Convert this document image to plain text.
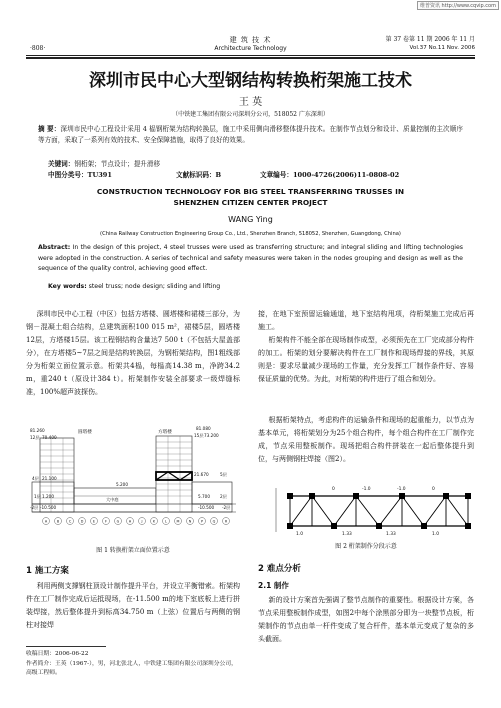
维普资讯 http://www.cqvip.com
·808·
建 筑 技 术
Architecture Technology
第 37 卷第 11 期 2006 年 11 月
Vol.37 No.11 Nov. 2006
深圳市民中心大型钢结构转换桁架施工技术
王 英
（中铁建工集团有限公司深圳分公司，518052 广东深圳）
摘 要：深圳市民中心工程设计采用 4 榀钢桁架为结构转换层，施工中采用侧向滑移整体提升技术。在制作节点划分和设计、质量控制的主次顺序等方面，采取了一系列有效的技术、安全保障措施，取得了良好的效果。
关键词：钢桁架；节点设计；提升滑移
中图分类号：TU391	文献标识码：B	文章编号：1000-4726(2006)11-0808-02
CONSTRUCTION TECHNOLOGY FOR BIG STEEL TRANSFERRING TRUSSES IN
SHENZHEN CITIZEN CENTER PROJECT
WANG Ying
(China Railway Construction Engineering Group Co., Ltd., Shenzhen Branch, 518052, Shenzhen, Guangdong, China)
Abstract: In the design of this project, 4 steel trusses were used as transferring structure; and integral sliding and lifting technologies were adopted in the construction. A series of technical and safety measures were taken in the nodes grouping and design as well as the sequence of the quality control, achieving good effect.
Key words: steel truss; node design; sliding and lifting
深圳市民中心工程（中区）包括方塔楼、圆塔楼和裙楼三部分，为钢－混凝土组合结构，总建筑面积100 015 m²，裙楼5层，圆塔楼12层，方塔楼15层。该工程钢结构含量达7 500 t（不包括大屋盖部分），在方塔楼5~7层之间是结构转换层，为钢桁架结构，图1粗线部分为桁架立面位置示意。桁架共4榀，每榀高14.38 m，净跨34.2 m，重240 t（原设计384 t）。桁架制作安装全部要求一级焊缝标准，100%超声波探伤。
81.260
12层 70.400
圆塔楼	方塔楼
81.080
15层 73.200
4层 21.100
21.670	5层
5.200
1层 1.200	5.700 2层
-2层 -10.500	-10.500 -2层
大中庭
A	B	C	D	E	F	G	H	J	K	L	M	N	P	Q	R
图 1 转换桁架立面位置示意
1 施工方案
利用两侧支撑钢柱顶设计制作提升平台，并设立平衡错索。桁架构件在工厂制作完成后运抵现场，在-11.500 m的地下室底板上进行拼装焊接，然后整体提升到标高34.750 m（上弦）位置后与两侧的钢柱对接焊
收稿日期：2006-06-22
作者简介：王英（1967-），男，河北张北人，中铁建工集团有限公司深圳分公司，高级工程师。
接，在地下室预留运输通道，地下室结构甩项，待桁架施工完成后再施工。
桁架构件不能全部在现场制作成型，必须预先在工厂完成部分构件的加工。桁架的划分要解决构件在工厂制作和现场焊接的界线，其原则是：要求尽量减少现场的工作量，充分发挥工厂制作条件好、容易保证质量的优势。为此，对桁架的构件进行了组合和划分。
根据桁架特点，考虑构件的运输条件和现场的起重能力，以节点为基本单元，将桁架划分为25个组合构件，每个组合构件在工厂制作完成，节点采用整板制作。现场把组合构件拼装在一起后整体提升到位，与两侧钢柱焊接（图2）。
0	-1.0	-1.0	0
1.0	1.33	1.33	1.0
图 2 桁架制作分段示意
2 难点分析
2.1 制作
新的设计方案首先强调了整节点制作的重要性。根据设计方案，各节点采用整板制作成型，如图2中每个涂黑部分即为一块整节点板，桁架制作的节点由单一杆件变成了复合杆件，基本单元变成了复杂的多头截面。
